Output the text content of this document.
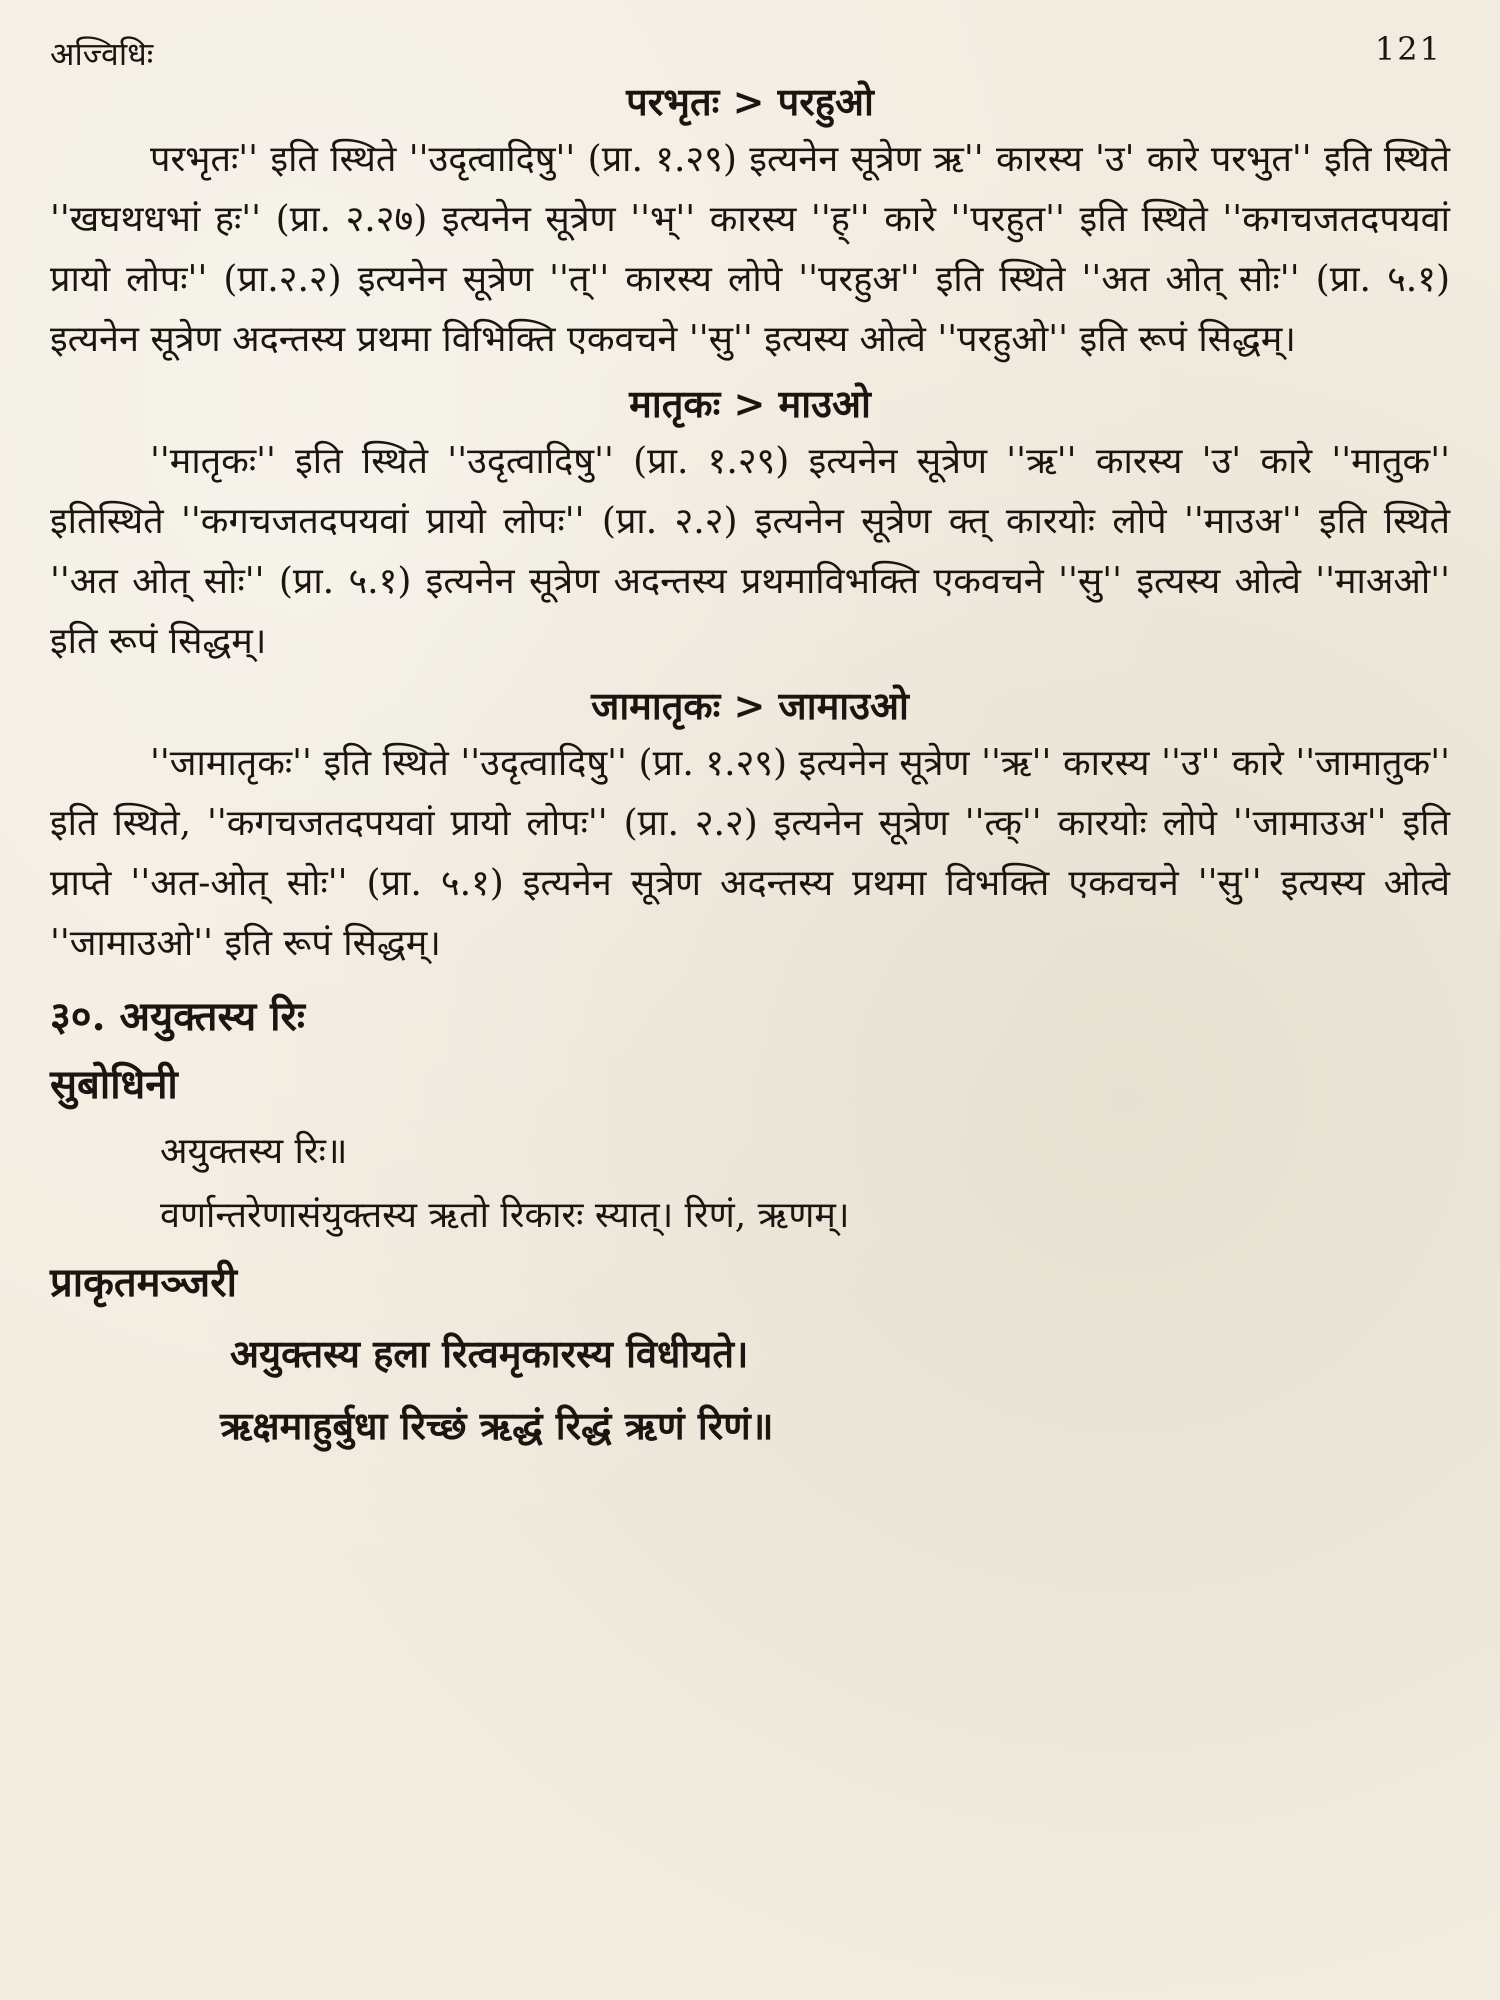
अज्विधिः	121

परभृतः > परहुओ

परभृतः'' इति स्थिते ''उदृत्वादिषु'' (प्रा. १.२९) इत्यनेन सूत्रेण ऋ'' कारस्य 'उ' कारे परभुत'' इति स्थिते ''खघथधभां हः'' (प्रा. २.२७) इत्यनेन सूत्रेण ''भ्'' कारस्य ''ह्'' कारे ''परहुत'' इति स्थिते ''कगचजतदपयवां प्रायो लोपः'' (प्रा.२.२) इत्यनेन सूत्रेण ''त्'' कारस्य लोपे ''परहुअ'' इति स्थिते ''अत ओत् सोः'' (प्रा. ५.१) इत्यनेन सूत्रेण अदन्तस्य प्रथमा विभिक्ति एकवचने ''सु'' इत्यस्य ओत्वे ''परहुओ'' इति रूपं सिद्धम्।

मातृकः > माउओ

''मातृकः'' इति स्थिते ''उदृत्वादिषु'' (प्रा. १.२९) इत्यनेन सूत्रेण ''ऋ'' कारस्य 'उ' कारे ''मातुक'' इतिस्थिते ''कगचजतदपयवां प्रायो लोपः'' (प्रा. २.२) इत्यनेन सूत्रेण क्त् कारयोः लोपे ''माउअ'' इति स्थिते ''अत ओत् सोः'' (प्रा. ५.१) इत्यनेन सूत्रेण अदन्तस्य प्रथमाविभक्ति एकवचने ''सु'' इत्यस्य ओत्वे ''माअओ'' इति रूपं सिद्धम्।

जामातृकः > जामाउओ

''जामातृकः'' इति स्थिते ''उदृत्वादिषु'' (प्रा. १.२९) इत्यनेन सूत्रेण ''ऋ'' कारस्य ''उ'' कारे ''जामातुक'' इति स्थिते, ''कगचजतदपयवां प्रायो लोपः'' (प्रा. २.२) इत्यनेन सूत्रेण ''त्क्'' कारयोः लोपे ''जामाउअ'' इति प्राप्ते ''अत-ओत् सोः'' (प्रा. ५.१) इत्यनेन सूत्रेण अदन्तस्य प्रथमा विभक्ति एकवचने ''सु'' इत्यस्य ओत्वे ''जामाउओ'' इति रूपं सिद्धम्।

३०. अयुक्तस्य रिः

सुबोधिनी

अयुक्तस्य रिः॥

वर्णान्तरेणासंयुक्तस्य ऋतो रिकारः स्यात्। रिणं, ऋणम्।

प्राकृतमञ्जरी

अयुक्तस्य हला रित्वमृकारस्य विधीयते।

ऋक्षमाहुर्बुधा रिच्छं ऋद्धं रिद्धं ऋणं रिणं॥
